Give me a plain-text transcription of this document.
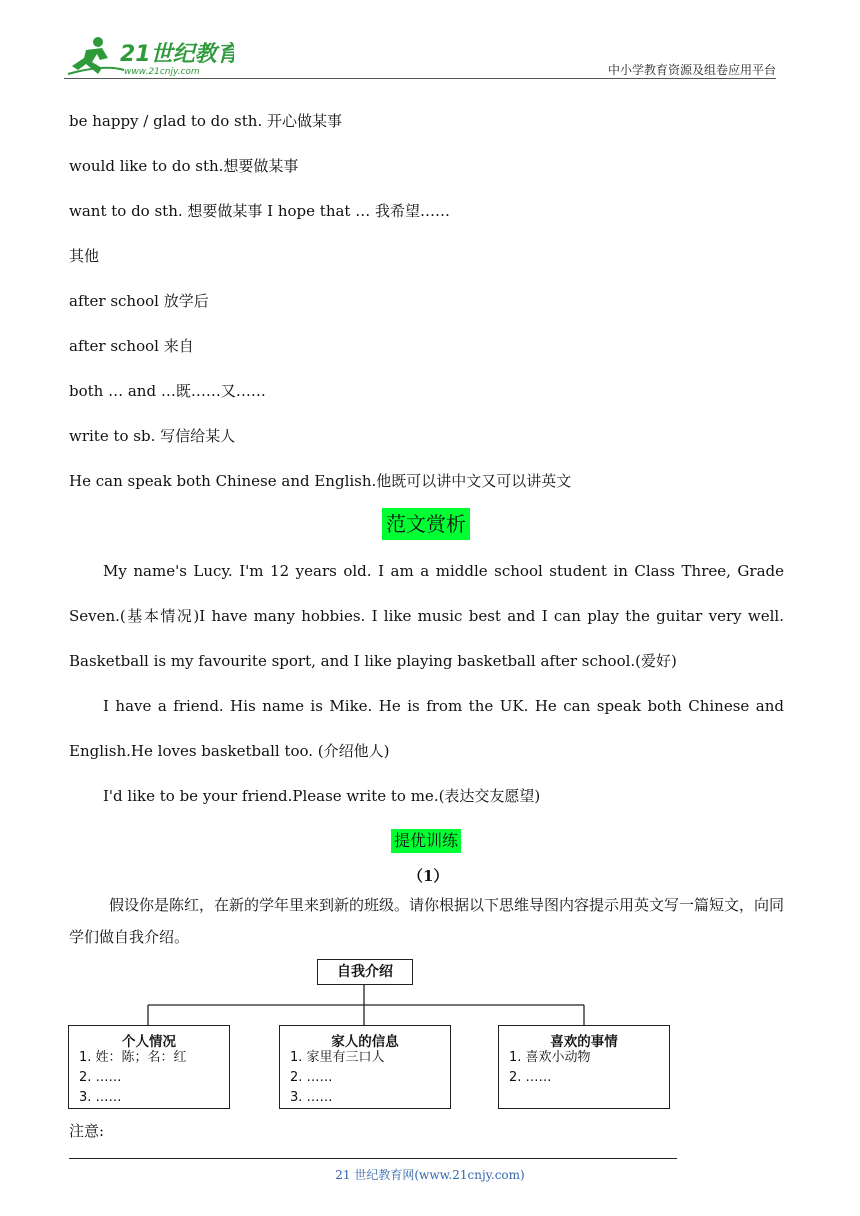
21世纪教育
www.21cnjy.com	中小学教育资源及组卷应用平台
be happy / glad to do sth. 开心做某事
would like to do sth.想要做某事
want to do sth. 想要做某事 I hope that … 我希望……
其他
after school 放学后
after school 来自
both … and …既……又……
write to sb. 写信给某人
He can speak both Chinese and English.他既可以讲中文又可以讲英文
范文赏析
My name's Lucy. I'm 12 years old. I am a middle school student in Class Three, Grade Seven.(基本情况)I have many hobbies. I like music best and I can play the guitar very well. Basketball is my favourite sport, and I like playing basketball after school.(爱好)
I have a friend. His name is Mike. He is from the UK. He can speak both Chinese and English.He loves basketball too. (介绍他人)
I'd like to be your friend.Please write to me.(表达交友愿望)
提优训练
（1）
假设你是陈红，在新的学年里来到新的班级。请你根据以下思维导图内容提示用英文写一篇短文，向同学们做自我介绍。
自我介绍
个人情况
1. 姓：陈；名：红
2. ……
3. ……
家人的信息
1. 家里有三口人
2. ……
3. ……
喜欢的事情
1. 喜欢小动物
2. ……
注意:
21 世纪教育网(www.21cnjy.com)
